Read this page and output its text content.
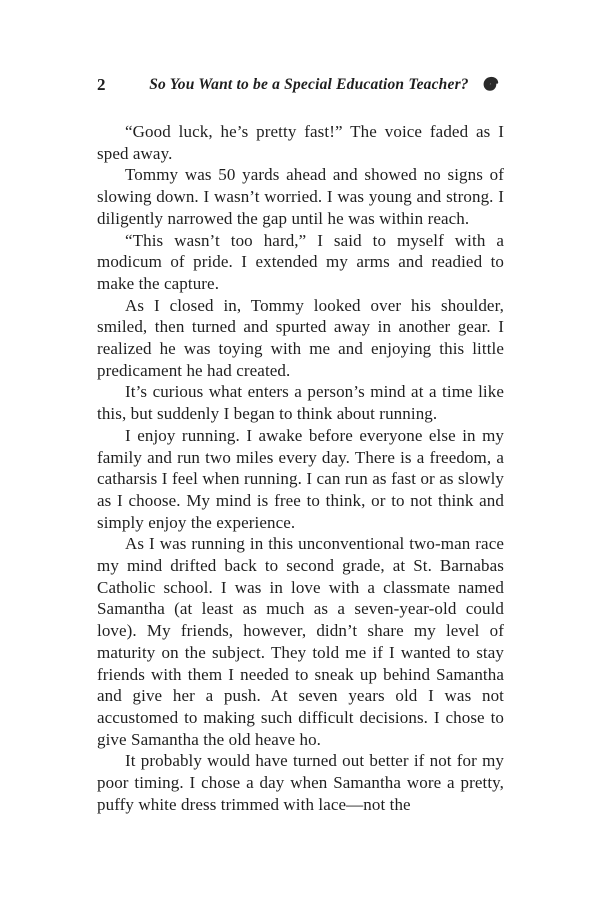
2	So You Want to be a Special Education Teacher?

“Good luck, he’s pretty fast!” The voice faded as I sped away.

Tommy was 50 yards ahead and showed no signs of slowing down. I wasn’t worried. I was young and strong. I diligently narrowed the gap until he was within reach.

“This wasn’t too hard,” I said to myself with a modicum of pride. I extended my arms and readied to make the capture.

As I closed in, Tommy looked over his shoulder, smiled, then turned and spurted away in another gear. I realized he was toying with me and enjoying this little predicament he had created.

It’s curious what enters a person’s mind at a time like this, but suddenly I began to think about running.

I enjoy running. I awake before everyone else in my family and run two miles every day. There is a freedom, a catharsis I feel when running. I can run as fast or as slowly as I choose. My mind is free to think, or to not think and simply enjoy the experience.

As I was running in this unconventional two-man race my mind drifted back to second grade, at St. Barnabas Catholic school. I was in love with a classmate named Samantha (at least as much as a seven-year-old could love). My friends, however, didn’t share my level of maturity on the subject. They told me if I wanted to stay friends with them I needed to sneak up behind Samantha and give her a push. At seven years old I was not accustomed to making such difficult decisions. I chose to give Samantha the old heave ho.

It probably would have turned out better if not for my poor timing. I chose a day when Samantha wore a pretty, puffy white dress trimmed with lace—not the
